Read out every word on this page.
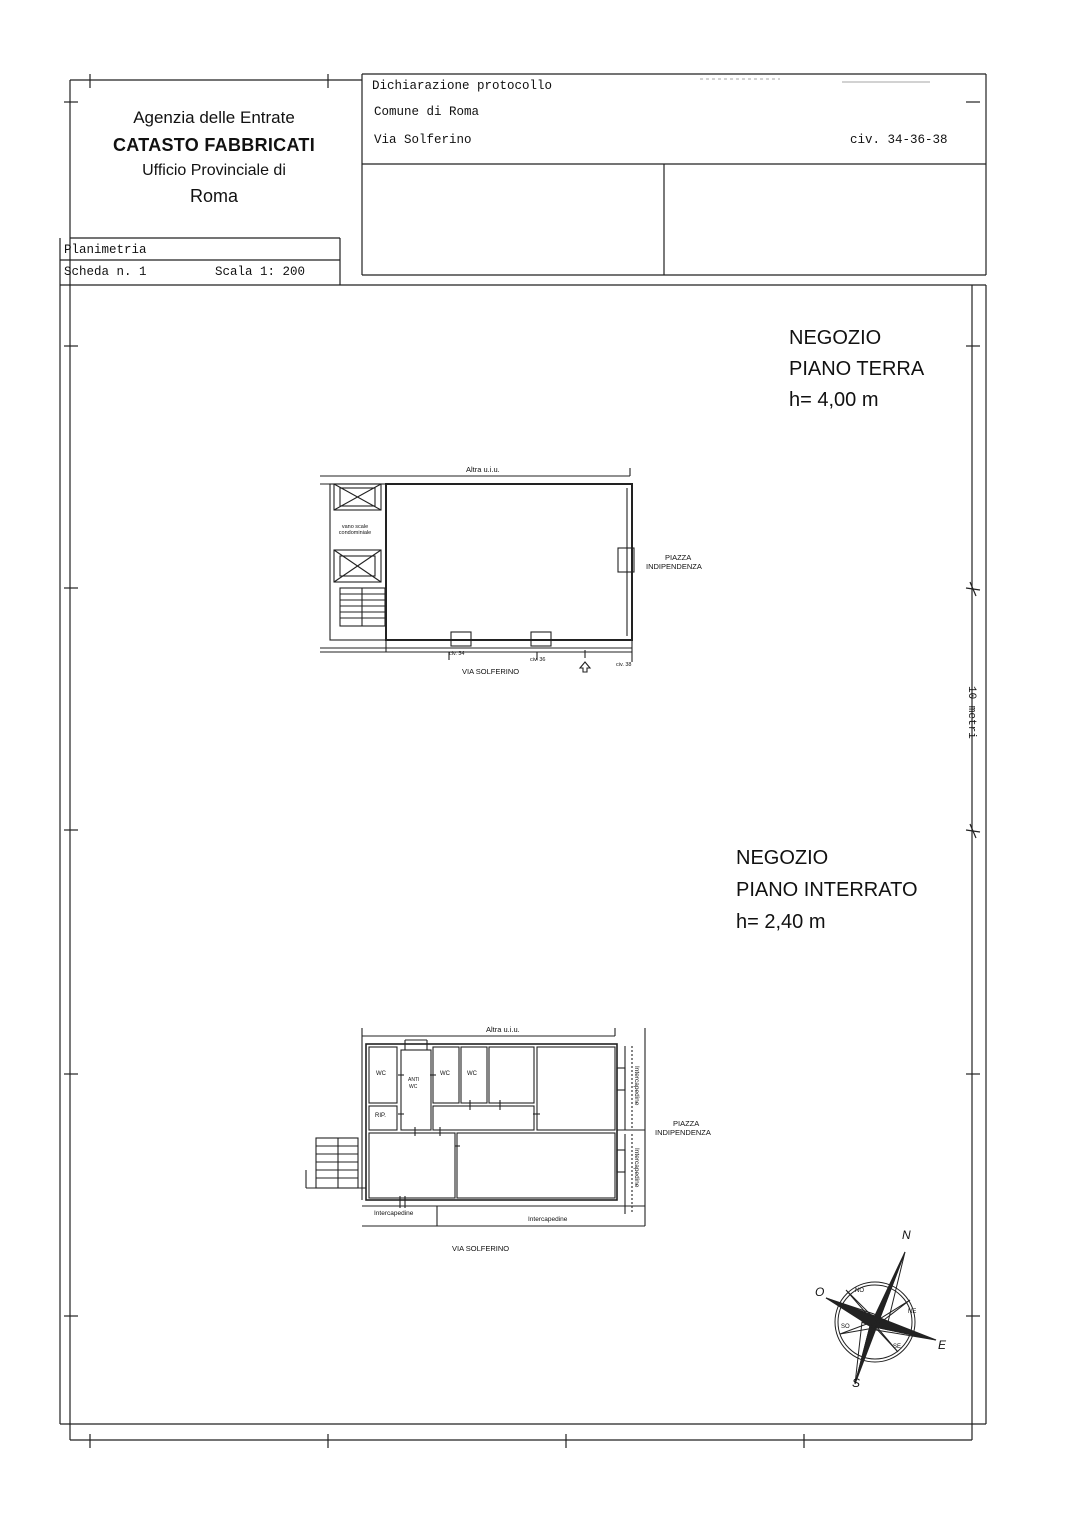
Agenzia delle Entrate
CATASTO FABBRICATI
Ufficio Provinciale di
Roma
Dichiarazione protocollo
Comune di Roma
Via Solferino	civ. 34-36-38
Planimetria
Scheda n. 1	Scala 1: 200
10 metri
NEGOZIO
PIANO TERRA
h= 4,00 m
Altra u.i.u.
vano scale condominiale
PIAZZA
INDIPENDENZA
civ. 34
civ. 36
civ. 38
VIA SOLFERINO
NEGOZIO
PIANO INTERRATO
h= 2,40 m
Altra u.i.u.
WC
ANTI
WC
WC	WC
RIP.
Intercapedine
Intercapedine
Intercapedine
Intercapedine
PIAZZA
INDIPENDENZA
VIA SOLFERINO
N
E
S
O	NO
NE
SO
SE
